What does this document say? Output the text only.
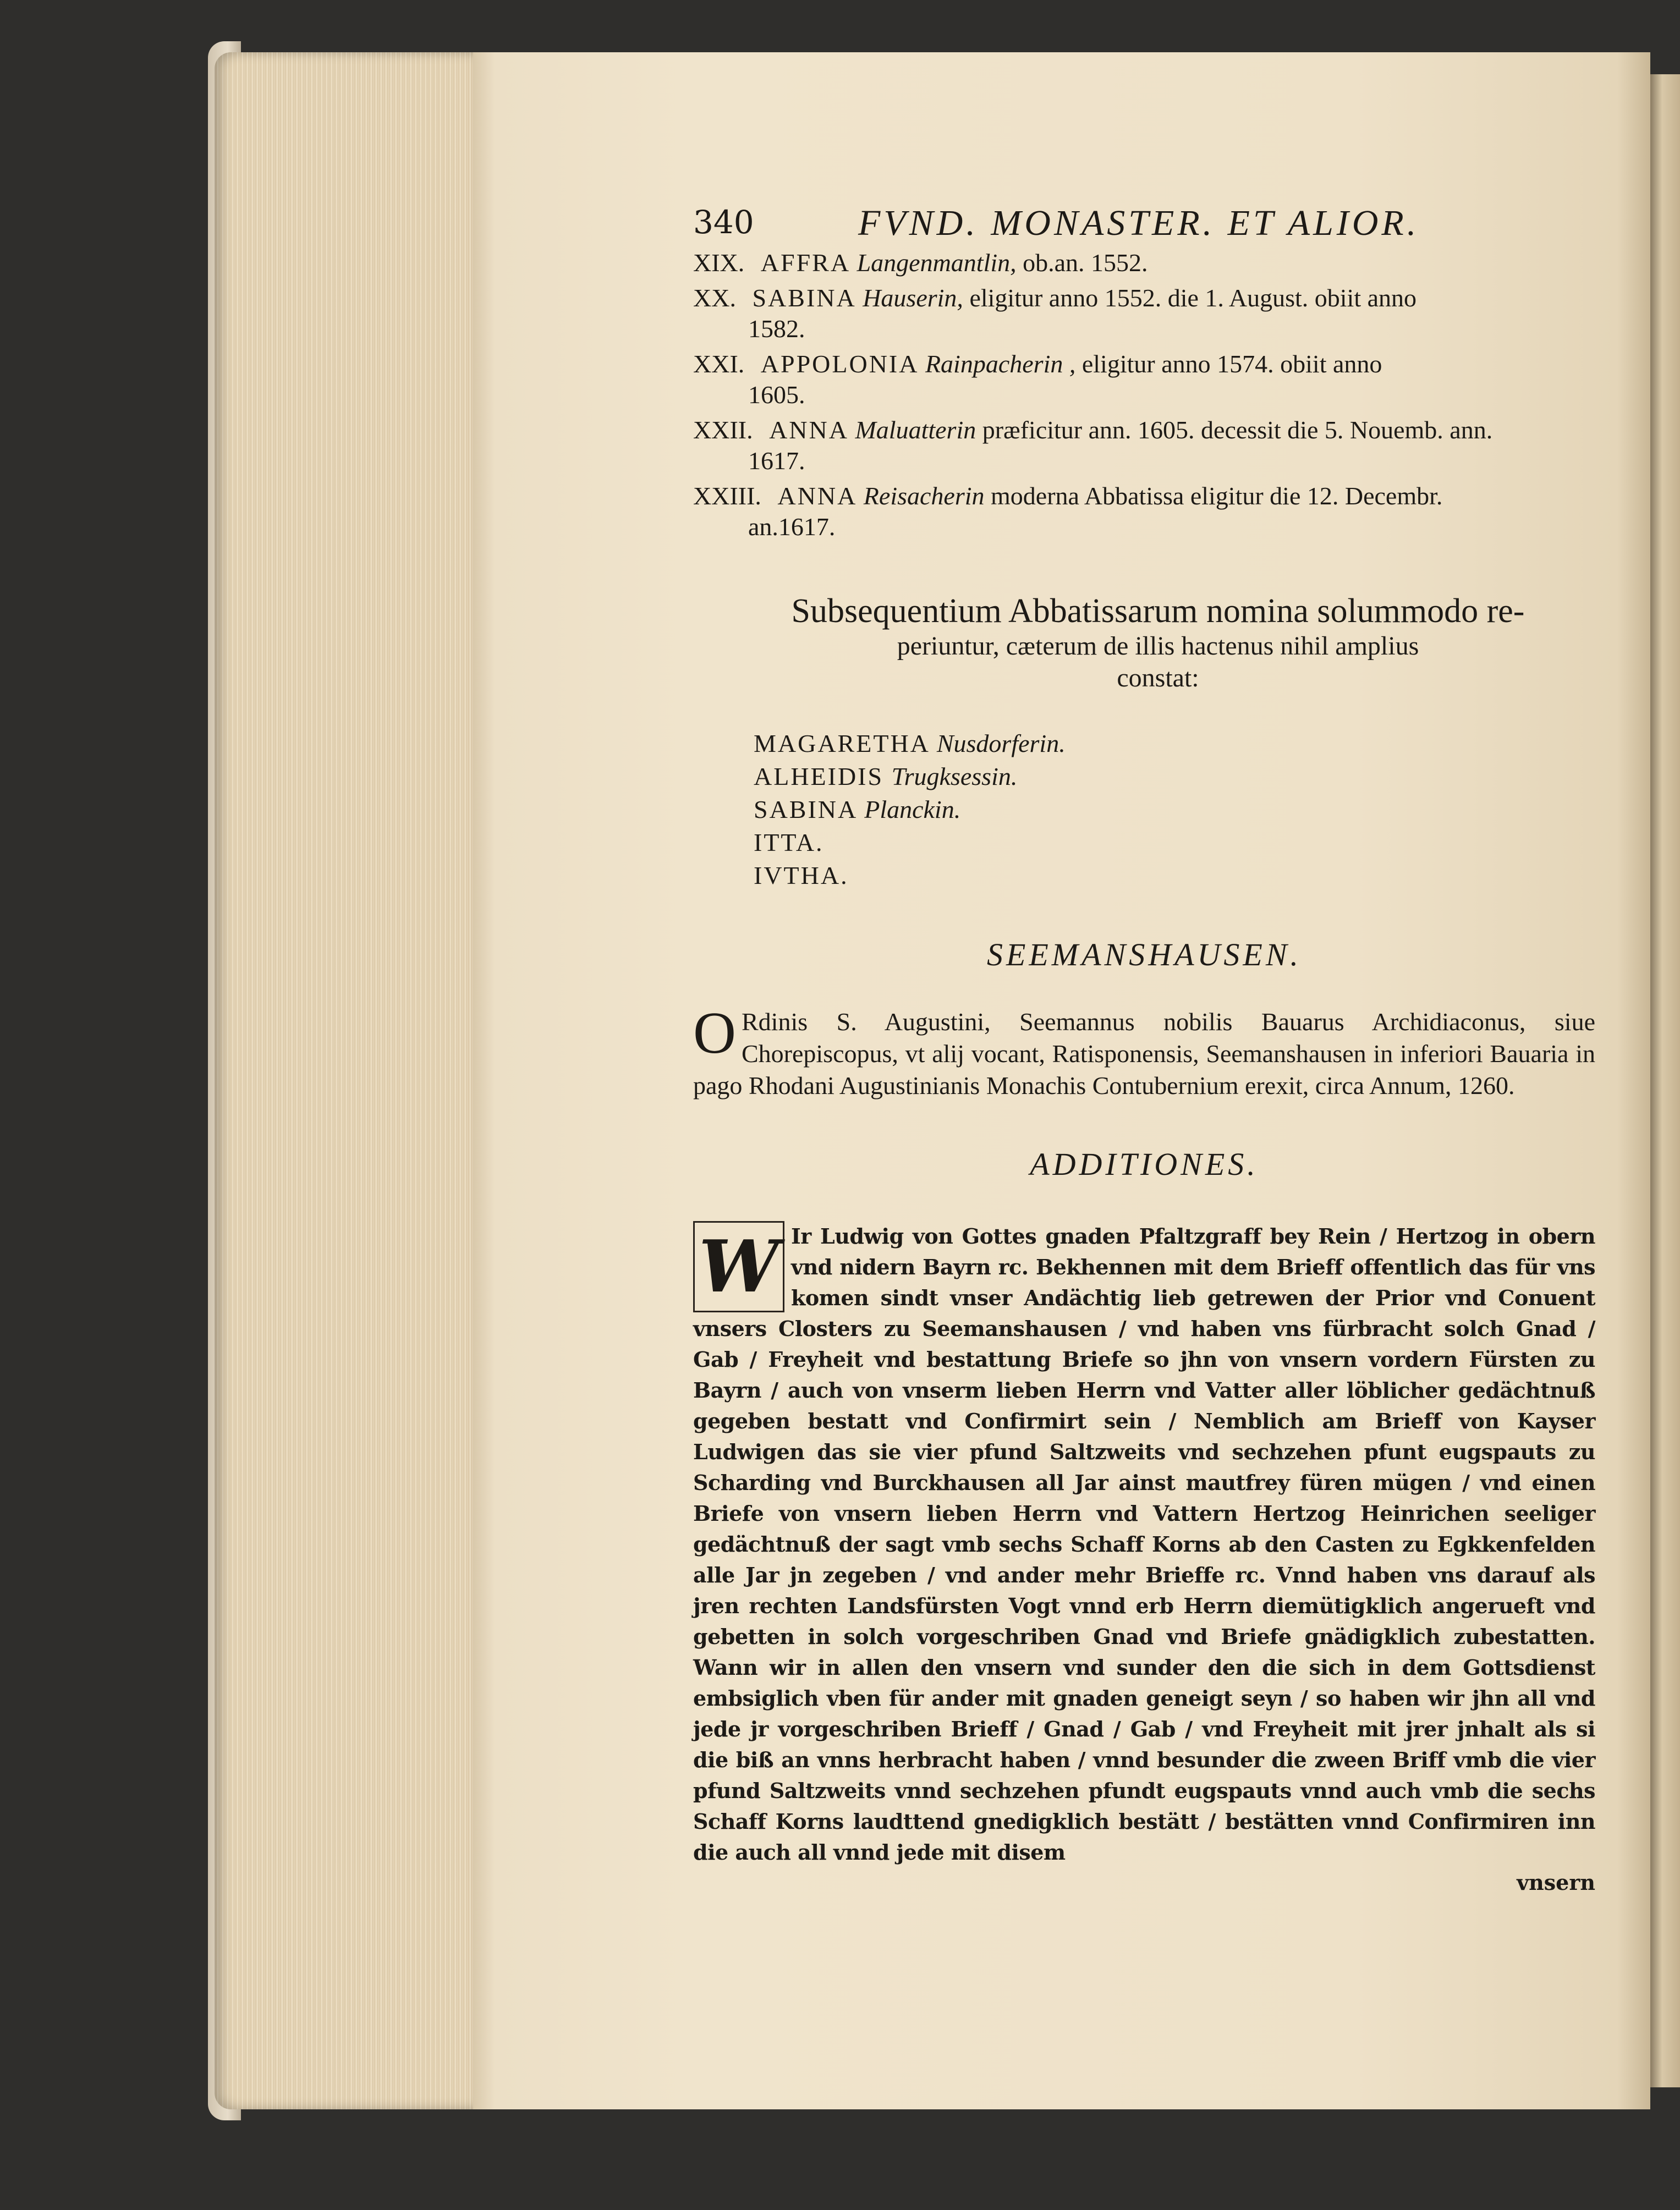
340	FVND. MONASTER. ET ALIOR.
XIX. AFFRA Langenmantlin, ob.an. 1552.
XX. SABINA Hauserin, eligitur anno 1552. die 1. August. obiit anno
1582.
XXI. APPOLONIA Rainpacherin , eligitur anno 1574. obiit anno
1605.
XXII. ANNA Maluatterin præficitur ann. 1605. decessit die 5. Nouemb. ann.
1617.
XXIII. ANNA Reisacherin moderna Abbatissa eligitur die 12. Decembr.
an.1617.
Subsequentium Abbatissarum nomina solummodo re-
periuntur, cæterum de illis hactenus nihil amplius
constat:
MAGARETHA Nusdorferin.
ALHEIDIS Trugksessin.
SABINA Planckin.
ITTA.
IVTHA.
SEEMANSHAUSEN.
O Rdinis S. Augustini, Seemannus nobilis Bauarus Archidiaconus, siue Chorepiscopus, vt alij vocant, Ratisponensis, Seemanshausen in inferiori Bauaria in pago Rhodani Augustinianis Monachis Contubernium erexit, circa Annum, 1260.
ADDITIONES.
W Ir Ludwig von Gottes gnaden Pfaltzgraff bey Rein / Hertzog in obern vnd nidern Bayrn rc. Bekhennen mit dem Brieff offentlich das für vns komen sindt vnser Andächtig lieb getrewen der Prior vnd Conuent vnsers Closters zu Seemanshausen / vnd haben vns fürbracht solch Gnad / Gab / Freyheit vnd bestattung Briefe so jhn von vnsern vordern Fürsten zu Bayrn / auch von vnserm lieben Herrn vnd Vatter aller löblicher gedächtnuß gegeben bestatt vnd Confirmirt sein / Nemblich am Brieff von Kayser Ludwigen das sie vier pfund Saltzweits vnd sechzehen pfunt eugspauts zu Scharding vnd Burckhausen all Jar ainst mautfrey füren mügen / vnd einen Briefe von vnsern lieben Herrn vnd Vattern Hertzog Heinrichen seeliger gedächtnuß der sagt vmb sechs Schaff Korns ab den Casten zu Egkkenfelden alle Jar jn zegeben / vnd ander mehr Brieffe rc. Vnnd haben vns darauf als jren rechten Landsfürsten Vogt vnnd erb Herrn diemütigklich angerueft vnd gebetten in solch vorgeschriben Gnad vnd Briefe gnädigklich zubestatten. Wann wir in allen den vnsern vnd sunder den die sich in dem Gottsdienst embsiglich vben für ander mit gnaden geneigt seyn / so haben wir jhn all vnd jede jr vorgeschriben Brieff / Gnad / Gab / vnd Freyheit mit jrer jnhalt als si die biß an vnns herbracht haben / vnnd besunder die zween Briff vmb die vier pfund Saltzweits vnnd sechzehen pfundt eugspauts vnnd auch vmb die sechs Schaff Korns laudttend gnedigklich bestätt / bestätten vnnd Confirmiren inn die auch all vnnd jede mit disem
vnsern
